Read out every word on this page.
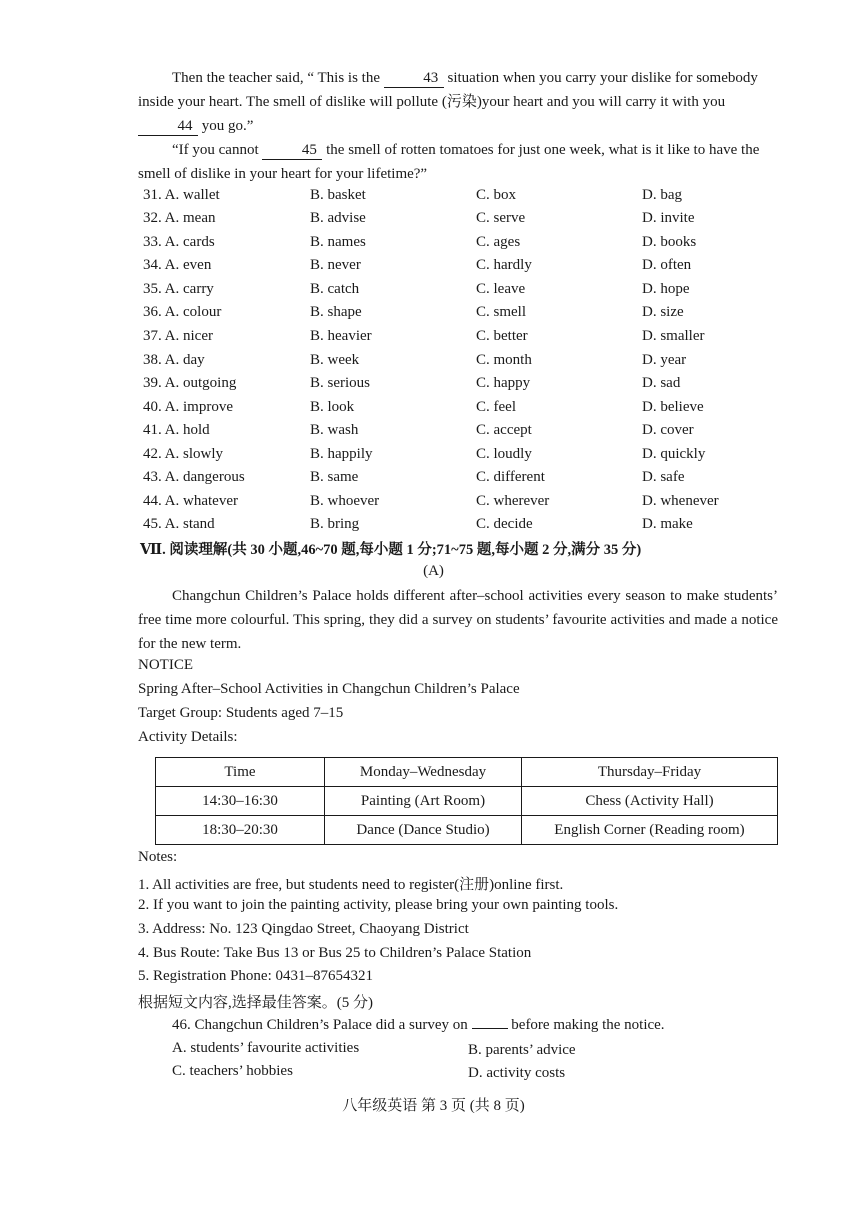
Then the teacher said, “ This is the	43 situation when you carry your dislike for somebody inside your heart. The smell of dislike will pollute (污染)your heart and you will carry it with you 44 you go.”

“If you cannot	45 the smell of rotten tomatoes for just one week, what is it like to have the smell of dislike in your heart for your lifetime?”

31. A. wallet	B. basket	C. box	D. bag
32. A. mean	B. advise	C. serve	D. invite
33. A. cards	B. names	C. ages	D. books
34. A. even	B. never	C. hardly	D. often
35. A. carry	B. catch	C. leave	D. hope
36. A. colour	B. shape	C. smell	D. size
37. A. nicer	B. heavier	C. better	D. smaller
38. A. day	B. week	C. month	D. year
39. A. outgoing	B. serious	C. happy	D. sad
40. A. improve	B. look	C. feel	D. believe
41. A. hold	B. wash	C. accept	D. cover
42. A. slowly	B. happily	C. loudly	D. quickly
43. A. dangerous	B. same	C. different	D. safe
44. A. whatever	B. whoever	C. wherever	D. whenever
45. A. stand	B. bring	C. decide	D. make
Ⅶ. 阅读理解(共 30 小题,46~70 题,每小题 1 分;71~75 题,每小题 2 分,满分 35 分)
(A)

Changchun Children’s Palace holds different after–school activities every season to make students’ free time more colourful. This spring, they did a survey on students’ favourite activities and made a notice for the new term.

NOTICE
Spring After–School Activities in Changchun Children’s Palace
Target Group: Students aged 7–15
Activity Details:
Time	Monday–Wednesday	Thursday–Friday
14:30–16:30	Painting (Art Room)	Chess (Activity Hall)
18:30–20:30	Dance (Dance Studio)	English Corner (Reading room)
Notes:
1. All activities are free, but students need to register(注册)online first.
2. If you want to join the painting activity, please bring your own painting tools.
3. Address: No. 123 Qingdao Street, Chaoyang District
4. Bus Route: Take Bus 13 or Bus 25 to Children’s Palace Station
5. Registration Phone: 0431–87654321
根据短文内容,选择最佳答案。(5 分)
46. Changchun Children’s Palace did a survey on  before making the notice.
A. students’ favourite activities	B. parents’ advice
C. teachers’ hobbies	D. activity costs
八年级英语 第 3 页 (共 8 页)
